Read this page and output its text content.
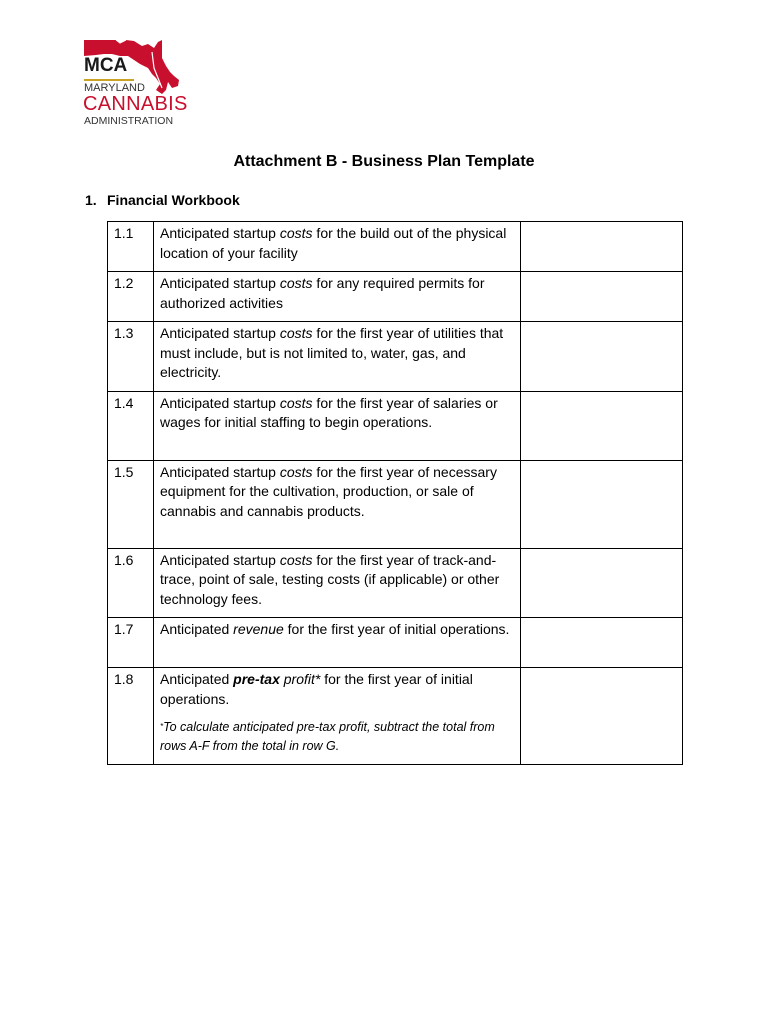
MCA
MARYLAND
CANNABIS
ADMINISTRATION
Attachment B - Business Plan Template
1. Financial Workbook
1.1	Anticipated startup costs for the build out of the physical location of your facility	
1.2	Anticipated startup costs for any required permits for authorized activities	
1.3	Anticipated startup costs for the first year of utilities that must include, but is not limited to, water, gas, and electricity.	
1.4	Anticipated startup costs for the first year of salaries or wages for initial staffing to begin operations.	
1.5	Anticipated startup costs for the first year of necessary equipment for the cultivation, production, or sale of cannabis and cannabis products.	
1.6	Anticipated startup costs for the first year of track-and-trace, point of sale, testing costs (if applicable) or other technology fees.	
1.7	Anticipated revenue for the first year of initial operations.	
1.8	Anticipated pre-tax profit* for the first year of initial operations.
*To calculate anticipated pre-tax profit, subtract the total from rows A-F from the total in row G.	
